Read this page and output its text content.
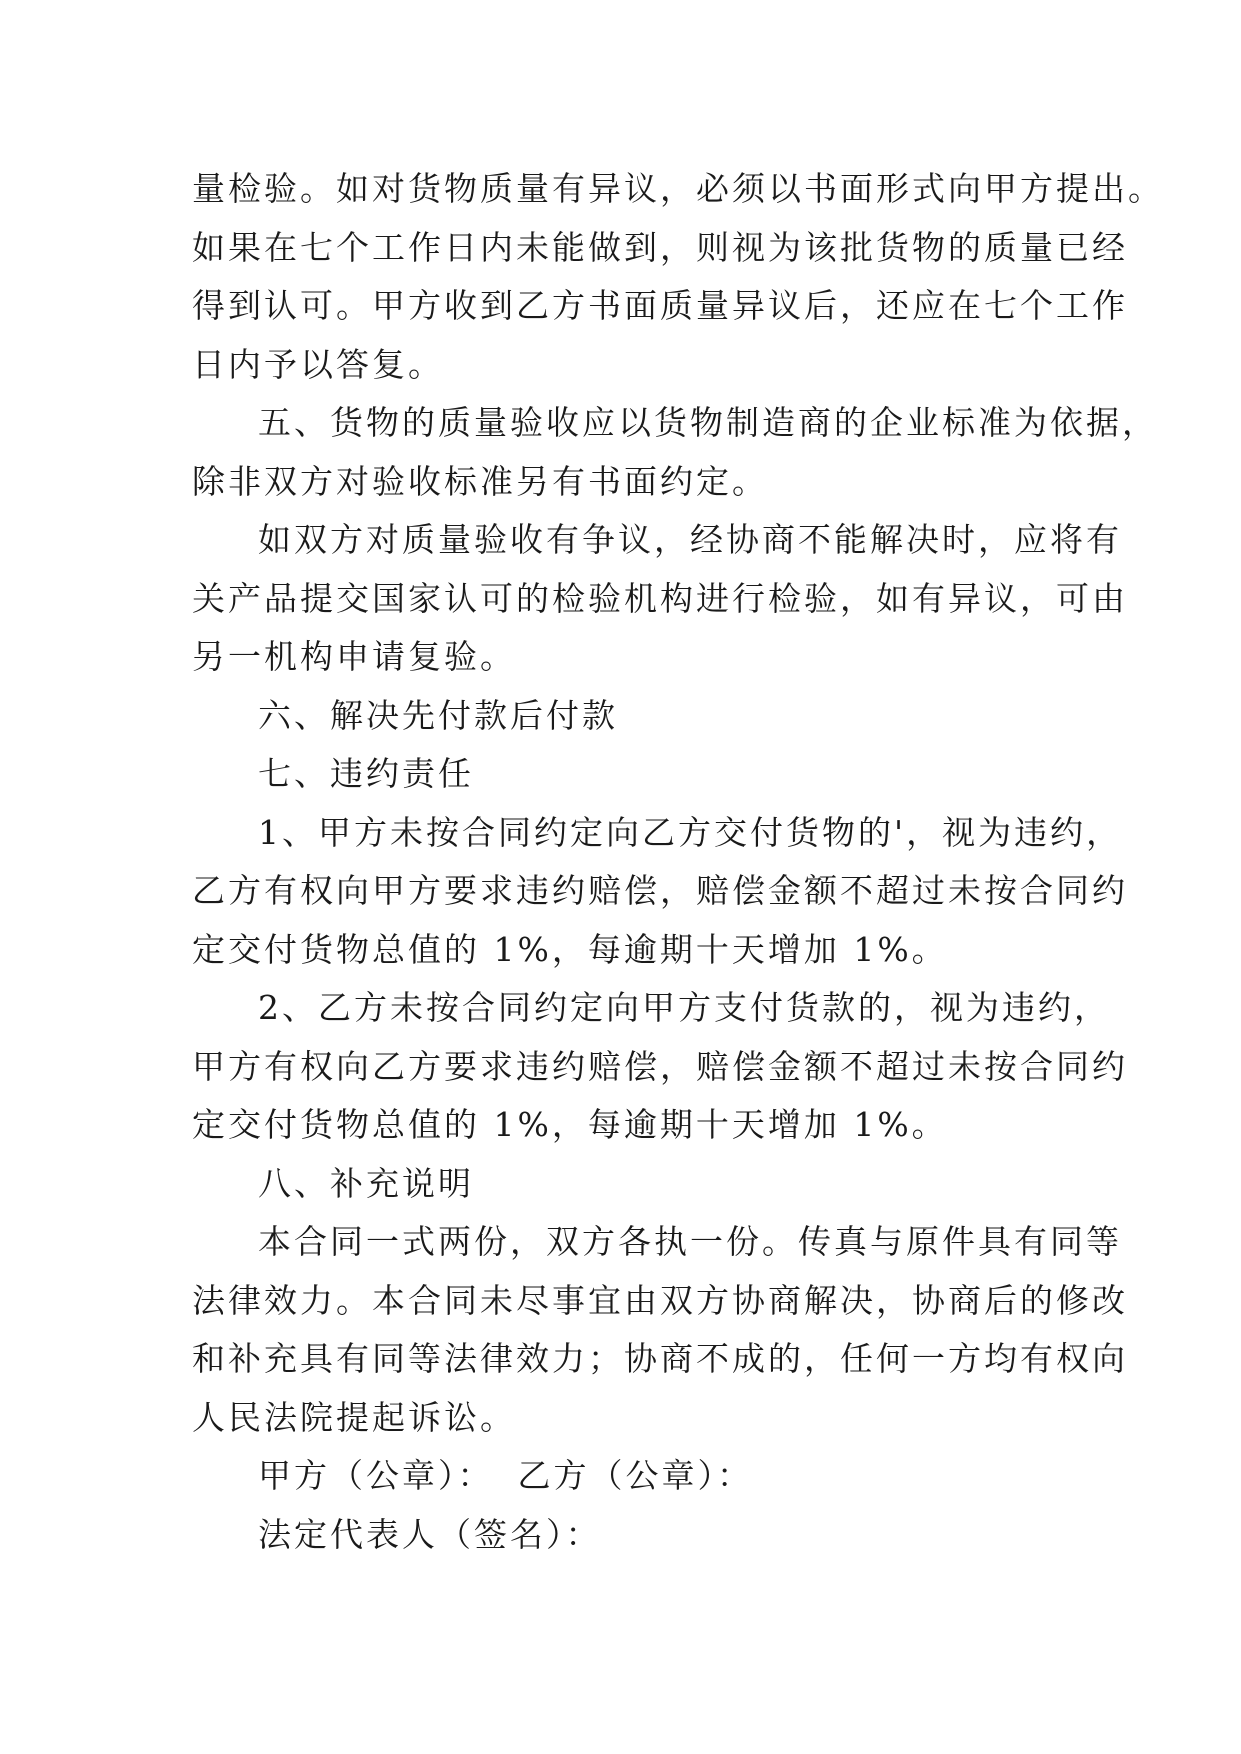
量检验。如对货物质量有异议，必须以书面形式向甲方提出。
如果在七个工作日内未能做到，则视为该批货物的质量已经
得到认可。甲方收到乙方书面质量异议后，还应在七个工作
日内予以答复。

五、货物的质量验收应以货物制造商的企业标准为依据，
除非双方对验收标准另有书面约定。

如双方对质量验收有争议，经协商不能解决时，应将有
关产品提交国家认可的检验机构进行检验，如有异议，可由
另一机构申请复验。

六、解决先付款后付款

七、违约责任

1、甲方未按合同约定向乙方交付货物的'，视为违约，
乙方有权向甲方要求违约赔偿，赔偿金额不超过未按合同约
定交付货物总值的 1%，每逾期十天增加 1%。

2、乙方未按合同约定向甲方支付货款的，视为违约，
甲方有权向乙方要求违约赔偿，赔偿金额不超过未按合同约
定交付货物总值的 1%，每逾期十天增加 1%。

八、补充说明

本合同一式两份，双方各执一份。传真与原件具有同等
法律效力。本合同未尽事宜由双方协商解决，协商后的修改
和补充具有同等法律效力；协商不成的，任何一方均有权向
人民法院提起诉讼。

甲方（公章）： 乙方（公章）：

法定代表人（签名）：
